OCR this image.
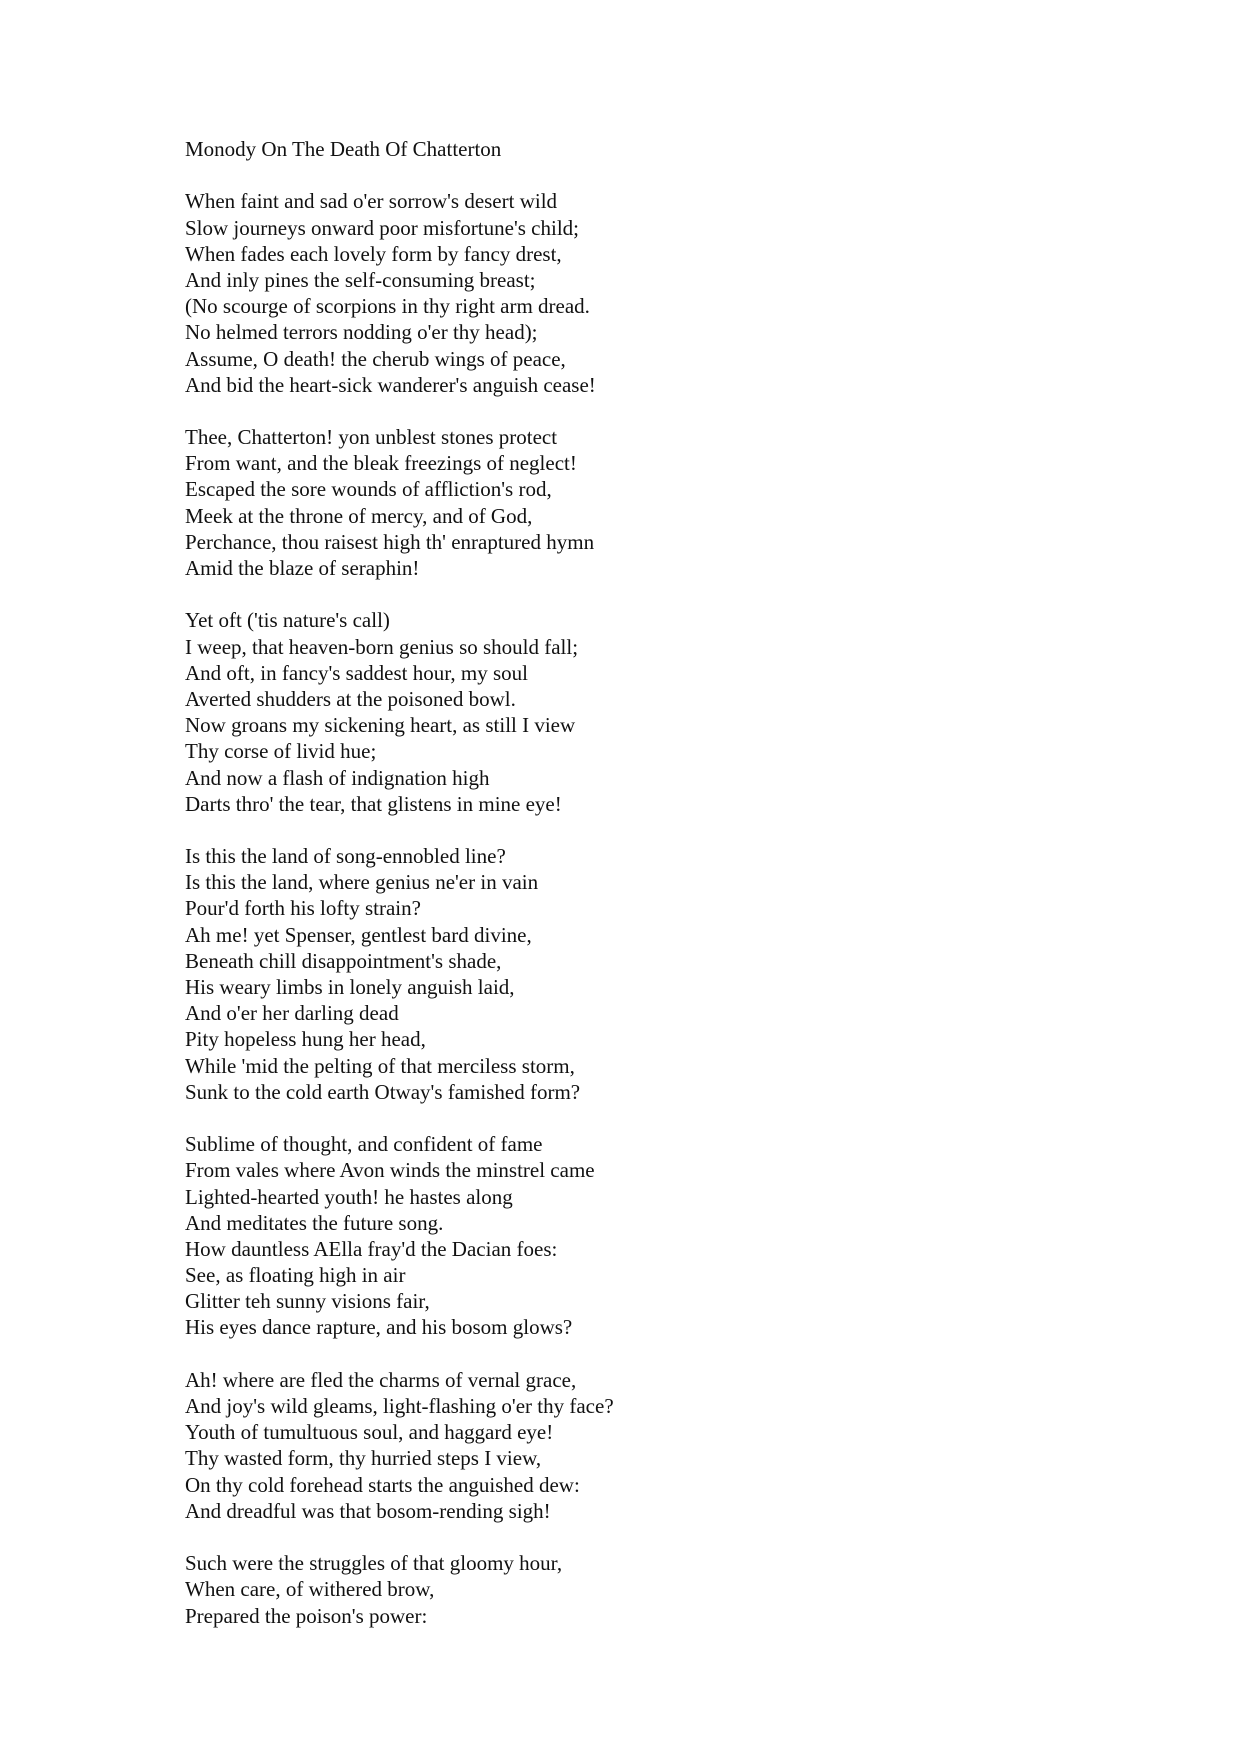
Monody On The Death Of Chatterton
When faint and sad o'er sorrow's desert wild
Slow journeys onward poor misfortune's child;
When fades each lovely form by fancy drest,
And inly pines the self-consuming breast;
(No scourge of scorpions in thy right arm dread.
No helmed terrors nodding o'er thy head);
Assume, O death! the cherub wings of peace,
And bid the heart-sick wanderer's anguish cease!
Thee, Chatterton! yon unblest stones protect
From want, and the bleak freezings of neglect!
Escaped the sore wounds of affliction's rod,
Meek at the throne of mercy, and of God,
Perchance, thou raisest high th' enraptured hymn
Amid the blaze of seraphin!
Yet oft ('tis nature's call)
I weep, that heaven-born genius so should fall;
And oft, in fancy's saddest hour, my soul
Averted shudders at the poisoned bowl.
Now groans my sickening heart, as still I view
Thy corse of livid hue;
And now a flash of indignation high
Darts thro' the tear, that glistens in mine eye!
Is this the land of song-ennobled line?
Is this the land, where genius ne'er in vain
Pour'd forth his lofty strain?
Ah me! yet Spenser, gentlest bard divine,
Beneath chill disappointment's shade,
His weary limbs in lonely anguish laid,
And o'er her darling dead
Pity hopeless hung her head,
While 'mid the pelting of that merciless storm,
Sunk to the cold earth Otway's famished form?
Sublime of thought, and confident of fame
From vales where Avon winds the minstrel came
Lighted-hearted youth! he hastes along
And meditates the future song.
How dauntless AElla fray'd the Dacian foes:
See, as floating high in air
Glitter teh sunny visions fair,
His eyes dance rapture, and his bosom glows?
Ah! where are fled the charms of vernal grace,
And joy's wild gleams, light-flashing o'er thy face?
Youth of tumultuous soul, and haggard eye!
Thy wasted form, thy hurried steps I view,
On thy cold forehead starts the anguished dew:
And dreadful was that bosom-rending sigh!
Such were the struggles of that gloomy hour,
When care, of withered brow,
Prepared the poison's power:
